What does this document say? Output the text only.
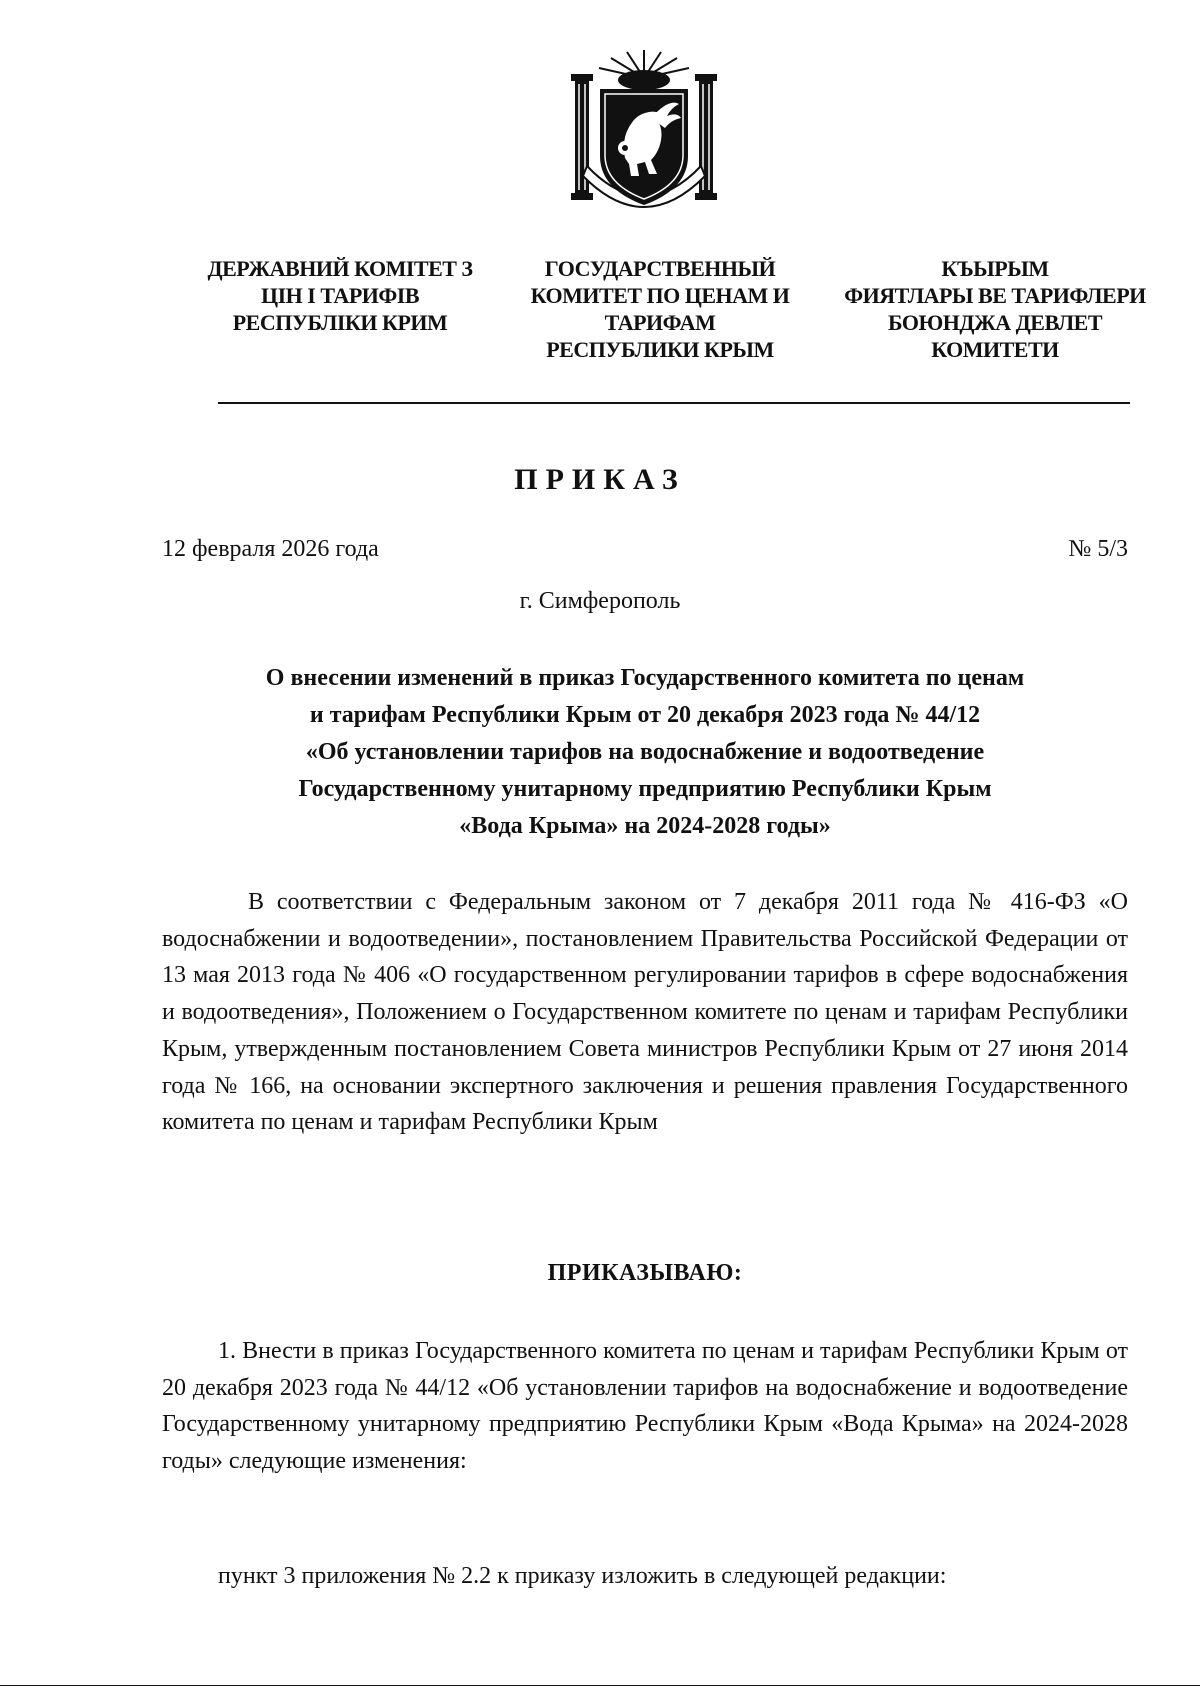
ДЕРЖАВНИЙ КОМІТЕТ З
ЦІН І ТАРИФІВ
РЕСПУБЛІКИ КРИМ
ГОСУДАРСТВЕННЫЙ
КОМИТЕТ ПО ЦЕНАМ И
ТАРИФАМ
РЕСПУБЛИКИ КРЫМ
КЪЫРЫМ
ФИЯТЛАРЫ ВЕ ТАРИФЛЕРИ
БОЮНДЖА ДЕВЛЕТ
КОМИТЕТИ
ПРИКАЗ
12 февраля 2026 года	№ 5/3
г. Симферополь
О внесении изменений в приказ Государственного комитета по ценам
и тарифам Республики Крым от 20 декабря 2023 года № 44/12
«Об установлении тарифов на водоснабжение и водоотведение
Государственному унитарному предприятию Республики Крым
«Вода Крыма» на 2024-2028 годы»
В соответствии с Федеральным законом от 7 декабря 2011 года № 416-ФЗ «О водоснабжении и водоотведении», постановлением Правительства Российской Федерации от 13 мая 2013 года № 406 «О государственном регулировании тарифов в сфере водоснабжения и водоотведения», Положением о Государственном комитете по ценам и тарифам Республики Крым, утвержденным постановлением Совета министров Республики Крым от 27 июня 2014 года № 166, на основании экспертного заключения и решения правления Государственного комитета по ценам и тарифам Республики Крым
ПРИКАЗЫВАЮ:
1. Внести в приказ Государственного комитета по ценам и тарифам Республики Крым от 20 декабря 2023 года № 44/12 «Об установлении тарифов на водоснабжение и водоотведение Государственному унитарному предприятию Республики Крым «Вода Крыма» на 2024-2028 годы» следующие изменения:
пункт 3 приложения № 2.2 к приказу изложить в следующей редакции:
